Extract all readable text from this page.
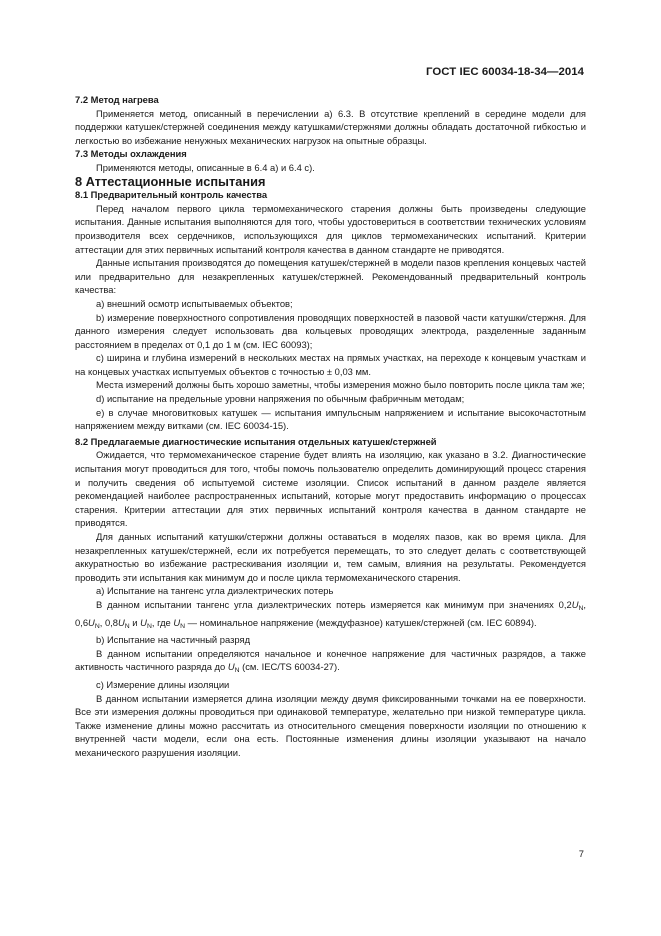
ГОСТ IEC 60034-18-34—2014

7.2 Метод нагрева

Применяется метод, описанный в перечислении а) 6.3. В отсутствие креплений в середине модели для поддержки катушек/стержней соединения между катушками/стержнями должны обладать достаточной гибкостью и легкостью во избежание ненужных механических нагрузок на опытные образцы.

7.3 Методы охлаждения

Применяются методы, описанные в 6.4 а) и 6.4 с).

8 Аттестационные испытания

8.1 Предварительный контроль качества

Перед началом первого цикла термомеханического старения должны быть произведены следующие испытания. Данные испытания выполняются для того, чтобы удостовериться в соответствии технических условиям производителя всех сердечников, использующихся для циклов термомеханических испытаний. Критерии аттестации для этих первичных испытаний контроля качества в данном стандарте не приводятся.

Данные испытания производятся до помещения катушек/стержней в модели пазов крепления концевых частей или предварительно для незакрепленных катушек/стержней. Рекомендованный предварительный контроль качества:

а) внешний осмотр испытываемых объектов;

b) измерение поверхностного сопротивления проводящих поверхностей в пазовой части катушки/стержня. Для данного измерения следует использовать два кольцевых проводящих электрода, разделенные заданным расстоянием в пределах от 0,1 до 1 м (см. IEC 60093);

с) ширина и глубина измерений в нескольких местах на прямых участках, на переходе к концевым участкам и на концевых участках испытуемых объектов с точностью ± 0,03 мм.

Места измерений должны быть хорошо заметны, чтобы измерения можно было повторить после цикла там же;

d) испытание на предельные уровни напряжения по обычным фабричным методам;

е) в случае многовитковых катушек — испытания импульсным напряжением и испытание высокочастотным напряжением между витками (см. IEC 60034-15).

8.2 Предлагаемые диагностические испытания отдельных катушек/стержней

Ожидается, что термомеханическое старение будет влиять на изоляцию, как указано в 3.2. Диагностические испытания могут проводиться для того, чтобы помочь пользователю определить доминирующий процесс старения и получить сведения об испытуемой системе изоляции. Список испытаний в данном разделе является рекомендацией наиболее распространенных испытаний, которые могут предоставить информацию о процессах старения. Критерии аттестации для этих первичных испытаний контроля качества в данном стандарте не приводятся.

Для данных испытаний катушки/стержни должны оставаться в моделях пазов, как во время цикла. Для незакрепленных катушек/стержней, если их потребуется перемещать, то это следует делать с соответствующей аккуратностью во избежание растрескивания изоляции и, тем самым, влияния на результаты. Рекомендуется проводить эти испытания как минимум до и после цикла термомеханического старения.

а) Испытание на тангенс угла диэлектрических потерь

В данном испытании тангенс угла диэлектрических потерь измеряется как минимум при значениях $0,2U_N$, $0,6U_N$, $0,8U_N$ и $U_N$, где $U_N$ — номинальное напряжение (междуфазное) катушек/стержней (см. IEC 60894).

b) Испытание на частичный разряд

В данном испытании определяются начальное и конечное напряжение для частичных разрядов, а также активность частичного разряда до $U_N$ (см. IEC/TS 60034-27).

с) Измерение длины изоляции

В данном испытании измеряется длина изоляции между двумя фиксированными точками на ее поверхности. Все эти измерения должны проводиться при одинаковой температуре, желательно при низкой температуре цикла. Также изменение длины можно рассчитать из относительного смещения поверхности изоляции по отношению к внутренней части модели, если она есть. Постоянные изменения длины изоляции указывают на начало механического разрушения изоляции.

7
